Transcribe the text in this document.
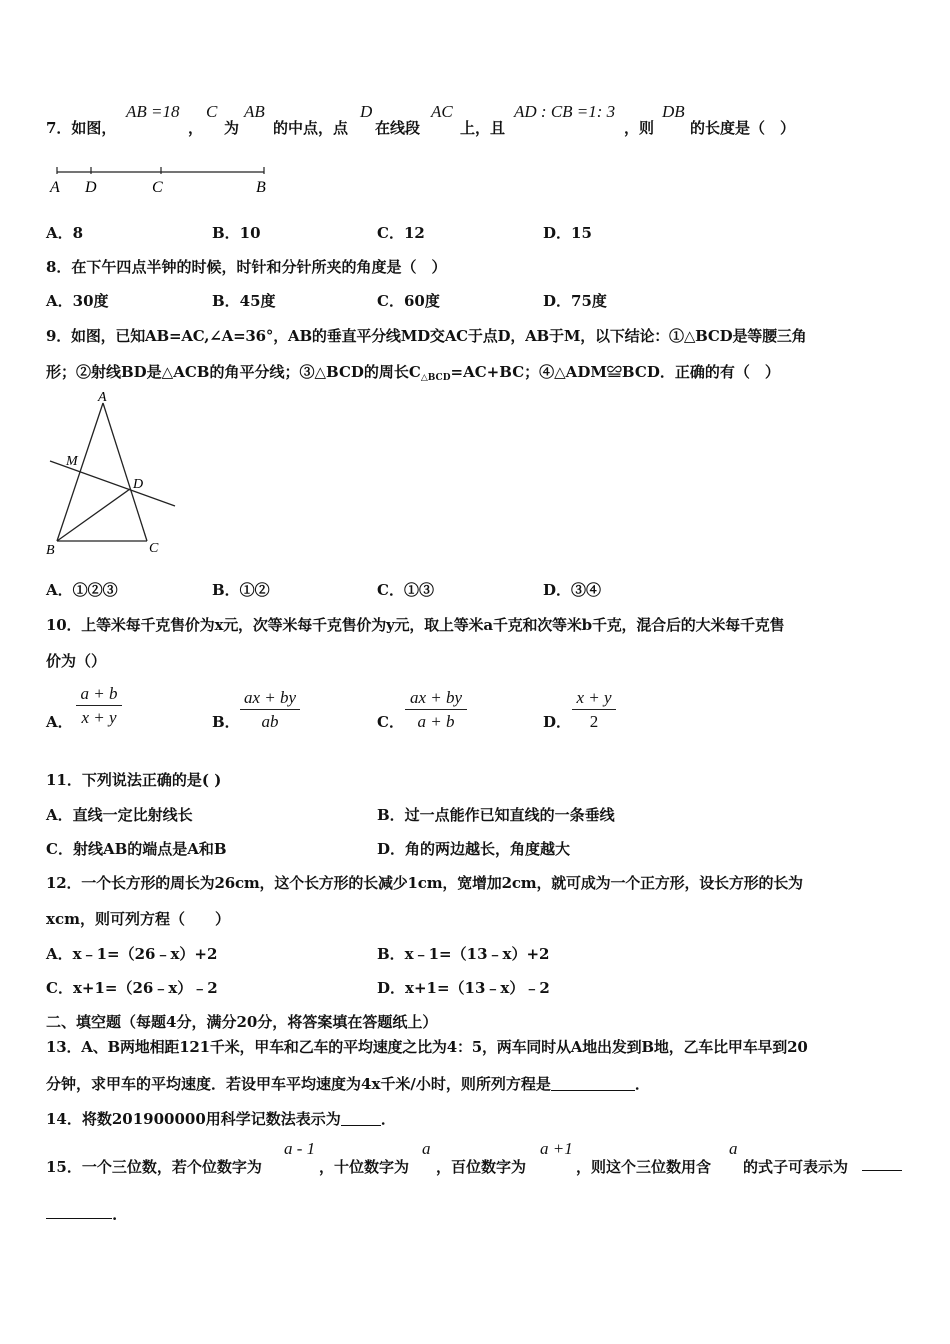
7．如图，
AB =18
，
C
为
AB
的中点，点
D
在线段
AC
上，且
AD : CB =1: 3
，则
DB
的长度是（　）
A D	C	B
A．8	B．10	C．12	D．15
8．在下午四点半钟的时候，时针和分针所夹的角度是（　）
A．30度	B．45度	C．60度	D．75度
9．如图，已知AB=AC,∠A=36°，AB的垂直平分线MD交AC于点D，AB于M，以下结论：①△BCD是等腰三角
形；②射线BD是△ACB的角平分线；③△BCD的周长$C_{\triangle BCD}=AC+BC$；④△ADM≌BCD．正确的有（　）
A
M
D
B	C
A．①②③	B．①②	C．①③	D．③④
10．上等米每千克售价为x元，次等米每千克售价为y元，取上等米a千克和次等米b千克，混合后的大米每千克售
价为（）
A． $\frac{a + b}{x + y}$	B． $\frac{ax + by}{ab}$	C． $\frac{ax + by}{a + b}$	D． $\frac{x + y}{2}$
11．下列说法正确的是( )
A．直线一定比射线长	B．过一点能作已知直线的一条垂线
C．射线AB的端点是A和B	D．角的两边越长，角度越大
12．一个长方形的周长为26cm，这个长方形的长减少1cm，宽增加2cm，就可成为一个正方形，设长方形的长为
xcm，则可列方程（　　）
A．x﹣1=（26﹣x）+2	B．x﹣1=（13﹣x）+2
C．x+1=（26﹣x）﹣2	D．x+1=（13﹣x）﹣2
二、填空题（每题4分，满分20分，将答案填在答题纸上）
13．A、B两地相距121千米，甲车和乙车的平均速度之比为4：5，两车同时从A地出发到B地，乙车比甲车早到20
分钟，求甲车的平均速度．若设甲车平均速度为4x千米/小时，则所列方程是	．
14．将数201900000用科学记数法表示为	．
15．一个三位数，若个位数字为
a - 1
，十位数字为
a
，百位数字为
a +1
，则这个三位数用含
a
的式子可表示为
.
